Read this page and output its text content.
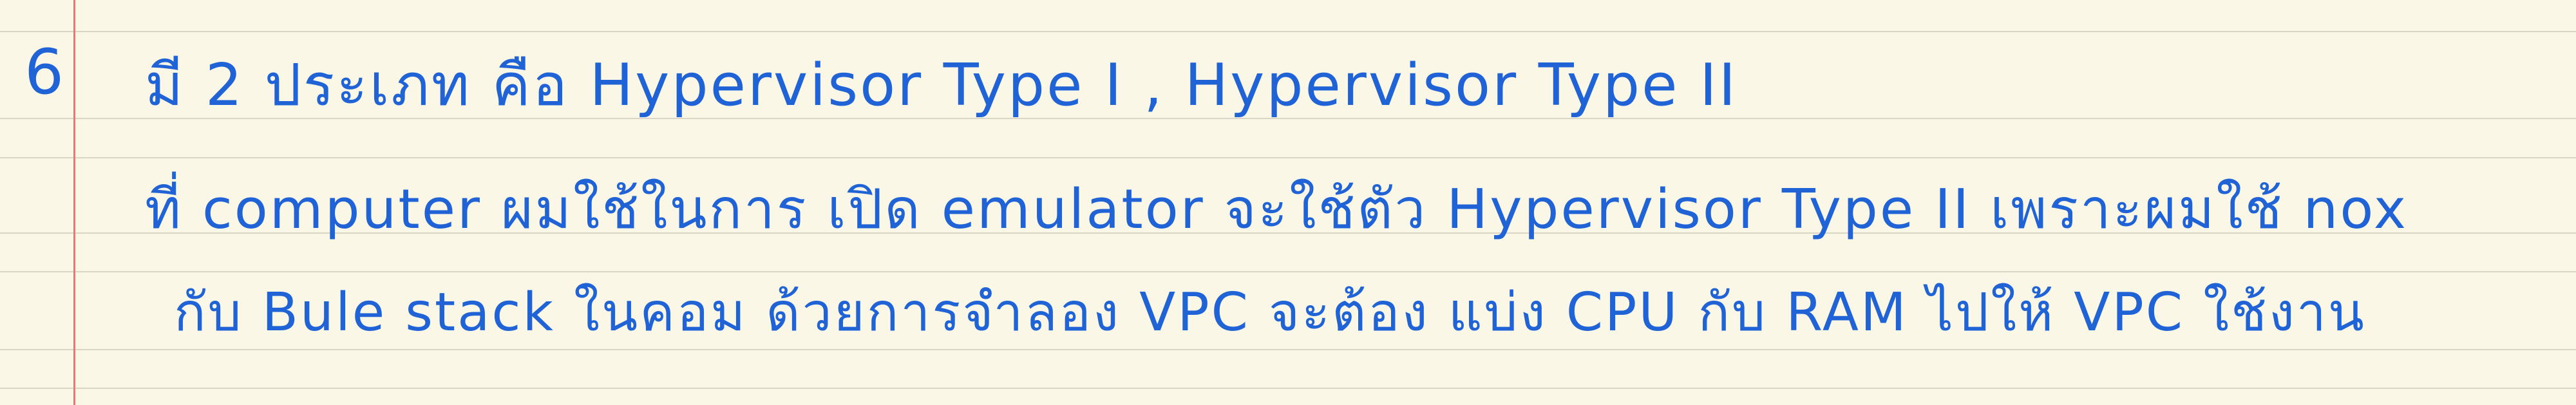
6 มี 2 ประเภท คือ Hypervisor Type I , Hypervisor Type II
ที่ computer ผมใช้ในการ เปิด emulator จะใช้ตัว Hypervisor Type II เพราะผมใช้ nox
กับ Bule stack ในคอม ด้วยการจำลอง VPC จะต้อง แบ่ง CPU กับ RAM ไปให้ VPC ใช้งาน
